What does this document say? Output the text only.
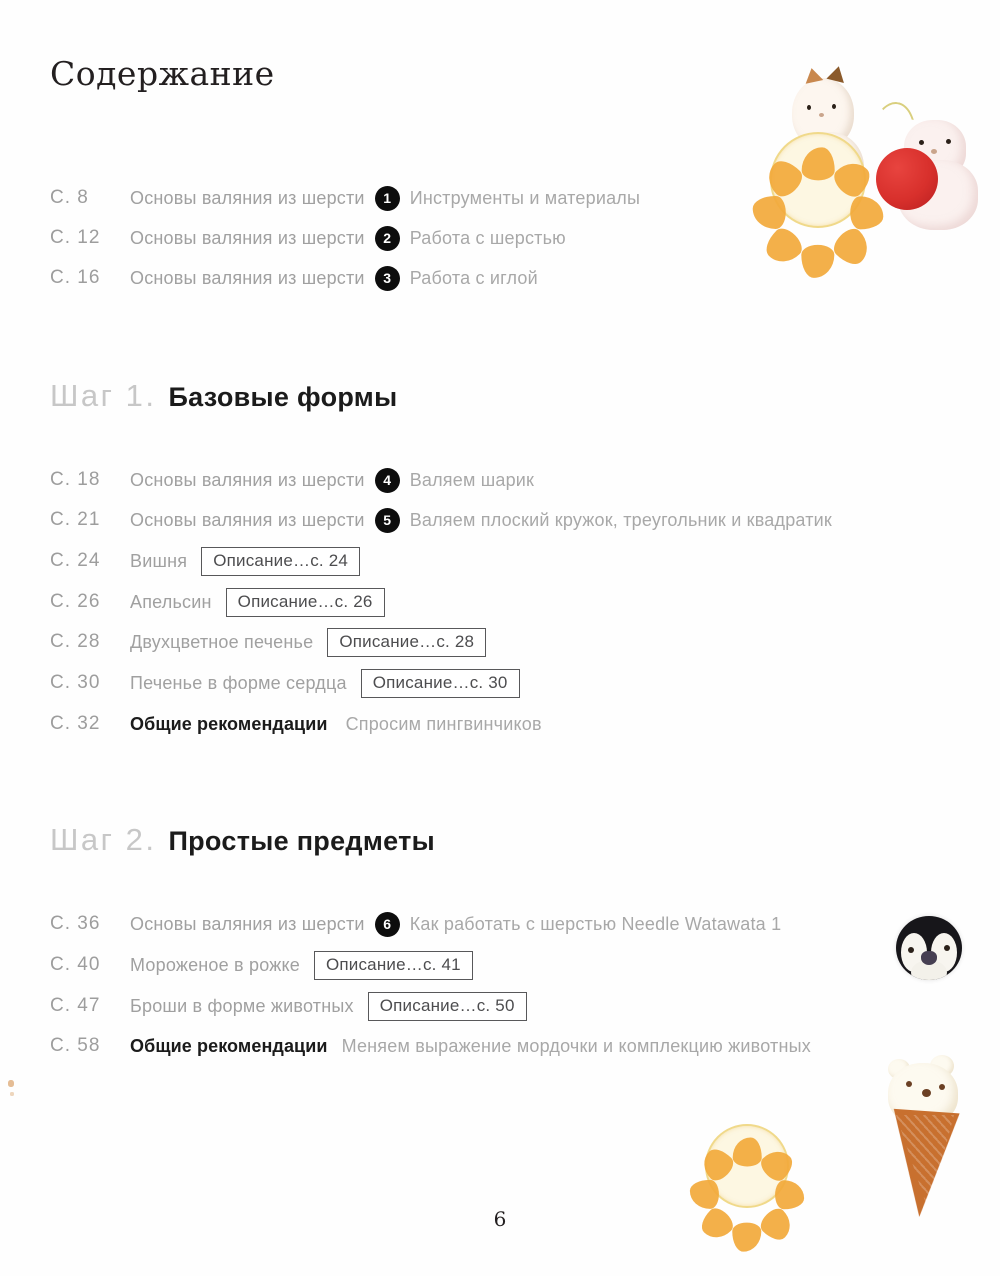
Содержание
С. 8	Основы валяния из шерсти	1	Инструменты и материалы
С. 12	Основы валяния из шерсти	2	Работа с шерстью
С. 16	Основы валяния из шерсти	3	Работа с иглой
Шаг 1. Базовые формы
С. 18	Основы валяния из шерсти	4	Валяем шарик
С. 21	Основы валяния из шерсти	5	Валяем плоский кружок, треугольник и квадратик
С. 24	Вишня	Описание…с. 24
С. 26	Апельсин	Описание…с. 26
С. 28	Двухцветное печенье	Описание…с. 28
С. 30	Печенье в форме сердца	Описание…с. 30
С. 32	Общие рекомендации Спросим пингвинчиков
Шаг 2. Простые предметы
С. 36	Основы валяния из шерсти	6	Как работать с шерстью Needle Watawata 1
С. 40	Мороженое в рожке	Описание…с. 41
С. 47	Броши в форме животных	Описание…с. 50
С. 58	Общие рекомендации Меняем выражение мордочки и комплекцию животных
6
